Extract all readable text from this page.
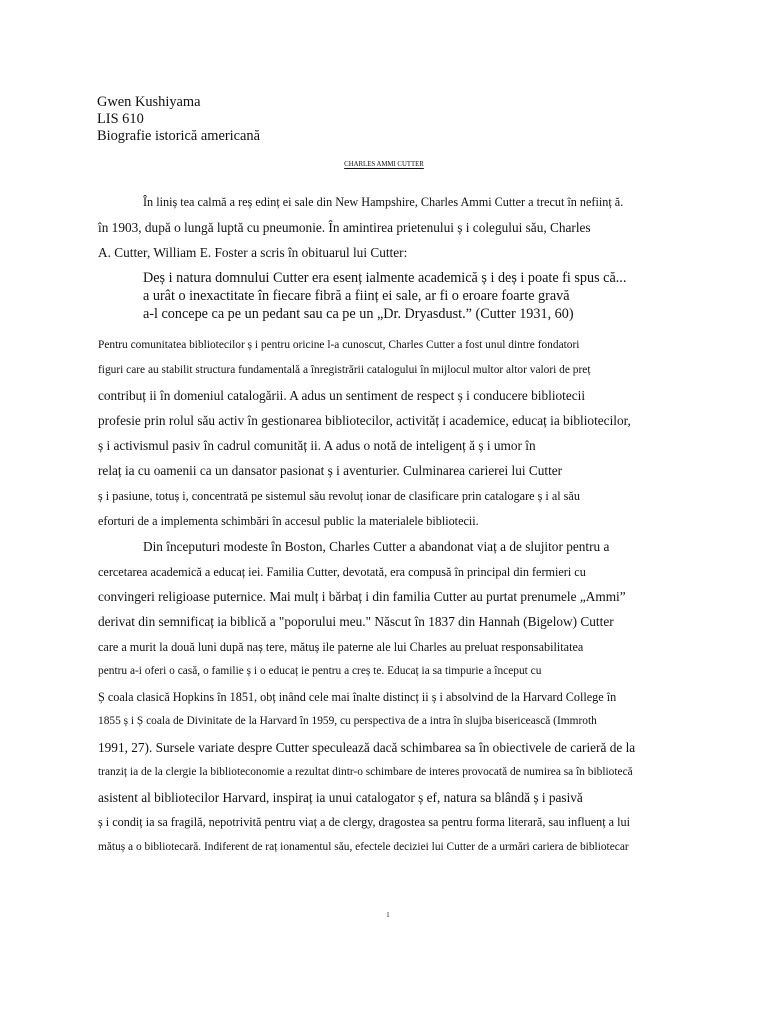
Gwen Kushiyama
LIS 610
Biografie istorică americană
CHARLES AMMI CUTTER
În liniș tea calmă a reș edinț ei sale din New Hampshire, Charles Ammi Cutter a trecut în neființ ă.
în 1903, după o lungă luptă cu pneumonie. În amintirea prietenului ș i colegului său, Charles
A. Cutter, William E. Foster a scris în obituarul lui Cutter:
Deș i natura domnului Cutter era esenț ialmente academică ș i deș i poate fi spus că...
a urât o inexactitate în fiecare fibră a ființ ei sale, ar fi o eroare foarte gravă
a-l concepe ca pe un pedant sau ca pe un „Dr. Dryasdust.” (Cutter 1931, 60)
Pentru comunitatea bibliotecilor ș i pentru oricine l-a cunoscut, Charles Cutter a fost unul dintre fondatori
figuri care au stabilit structura fundamentală a înregistrării catalogului în mijlocul multor altor valori de preț
contribuț ii în domeniul catalogării. A adus un sentiment de respect ș i conducere bibliotecii
profesie prin rolul său activ în gestionarea bibliotecilor, activităț i academice, educaț ia bibliotecilor,
ș i activismul pasiv în cadrul comunităț ii. A adus o notă de inteligenț ă ș i umor în
relaț ia cu oamenii ca un dansator pasionat ș i aventurier. Culminarea carierei lui Cutter
ș i pasiune, totuș i, concentrată pe sistemul său revoluț ionar de clasificare prin catalogare ș i al său
eforturi de a implementa schimbări în accesul public la materialele bibliotecii.
Din începuturi modeste în Boston, Charles Cutter a abandonat viaț a de slujitor pentru a
cercetarea academică a educaț iei. Familia Cutter, devotată, era compusă în principal din fermieri cu
convingeri religioase puternice. Mai mulț i bărbaț i din familia Cutter au purtat prenumele „Ammi”
derivat din semnificaț ia biblică a "poporului meu." Născut în 1837 din Hannah (Bigelow) Cutter
care a murit la două luni după naș tere, mătuș ile paterne ale lui Charles au preluat responsabilitatea
pentru a-i oferi o casă, o familie ș i o educaț ie pentru a creș te. Educaț ia sa timpurie a început cu
Ș coala clasică Hopkins în 1851, obț inând cele mai înalte distincț ii ș i absolvind de la Harvard College în
1855 ș i Ș coala de Divinitate de la Harvard în 1959, cu perspectiva de a intra în slujba bisericească (Immroth
1991, 27). Sursele variate despre Cutter speculează dacă schimbarea sa în obiectivele de carieră de la
tranziț ia de la clergie la biblioteconomie a rezultat dintr-o schimbare de interes provocată de numirea sa în bibliotecă
asistent al bibliotecilor Harvard, inspiraț ia unui catalogator ș ef, natura sa blândă ș i pasivă
ș i condiț ia sa fragilă, nepotrivită pentru viaț a de clergy, dragostea sa pentru forma literară, sau influenț a lui
mătuș a o bibliotecară. Indiferent de raț ionamentul său, efectele deciziei lui Cutter de a urmări cariera de bibliotecar
1
